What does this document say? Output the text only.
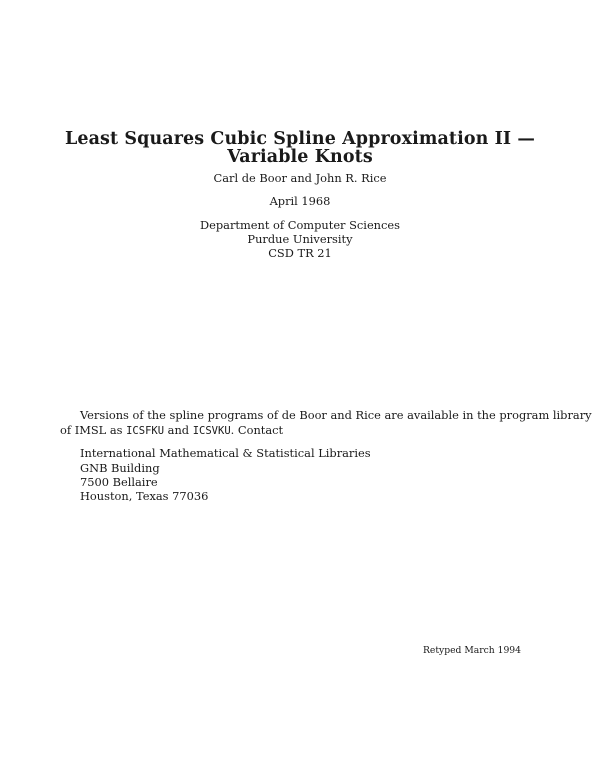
Least Squares Cubic Spline Approximation II —
Variable Knots
Carl de Boor and John R. Rice
April 1968
Department of Computer Sciences
Purdue University
CSD TR 21
Versions of the spline programs of de Boor and Rice are available in the program library
of IMSL as ICSFKU and ICSVKU. Contact
International Mathematical & Statistical Libraries
GNB Building
7500 Bellaire
Houston, Texas 77036
Retyped March 1994
